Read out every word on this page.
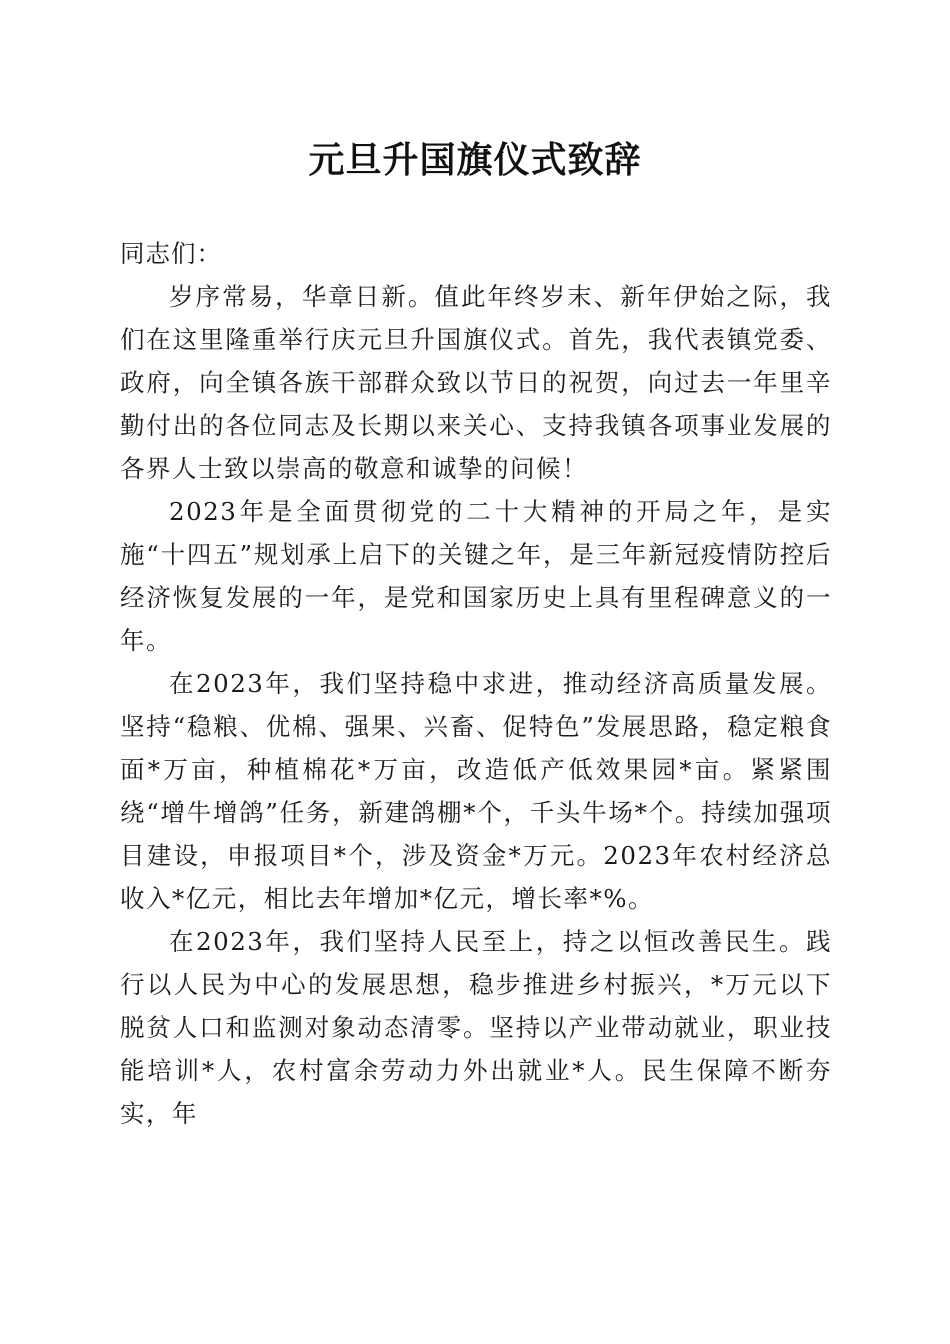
元旦升国旗仪式致辞

同志们：

岁序常易，华章日新。值此年终岁末、新年伊始之际，我们在这里隆重举行庆元旦升国旗仪式。首先，我代表镇党委、政府，向全镇各族干部群众致以节日的祝贺，向过去一年里辛勤付出的各位同志及长期以来关心、支持我镇各项事业发展的各界人士致以崇高的敬意和诚挚的问候！

2023年是全面贯彻党的二十大精神的开局之年，是实施“十四五”规划承上启下的关键之年，是三年新冠疫情防控后经济恢复发展的一年，是党和国家历史上具有里程碑意义的一年。

在2023年，我们坚持稳中求进，推动经济高质量发展。坚持“稳粮、优棉、强果、兴畜、促特色”发展思路，稳定粮食面*万亩，种植棉花*万亩，改造低产低效果园*亩。紧紧围绕“增牛增鸽”任务，新建鸽棚*个，千头牛场*个。持续加强项目建设，申报项目*个，涉及资金*万元。2023年农村经济总收入*亿元，相比去年增加*亿元，增长率*%。

在2023年，我们坚持人民至上，持之以恒改善民生。践行以人民为中心的发展思想，稳步推进乡村振兴，*万元以下脱贫人口和监测对象动态清零。坚持以产业带动就业，职业技能培训*人，农村富余劳动力外出就业*人。民生保障不断夯实，年
